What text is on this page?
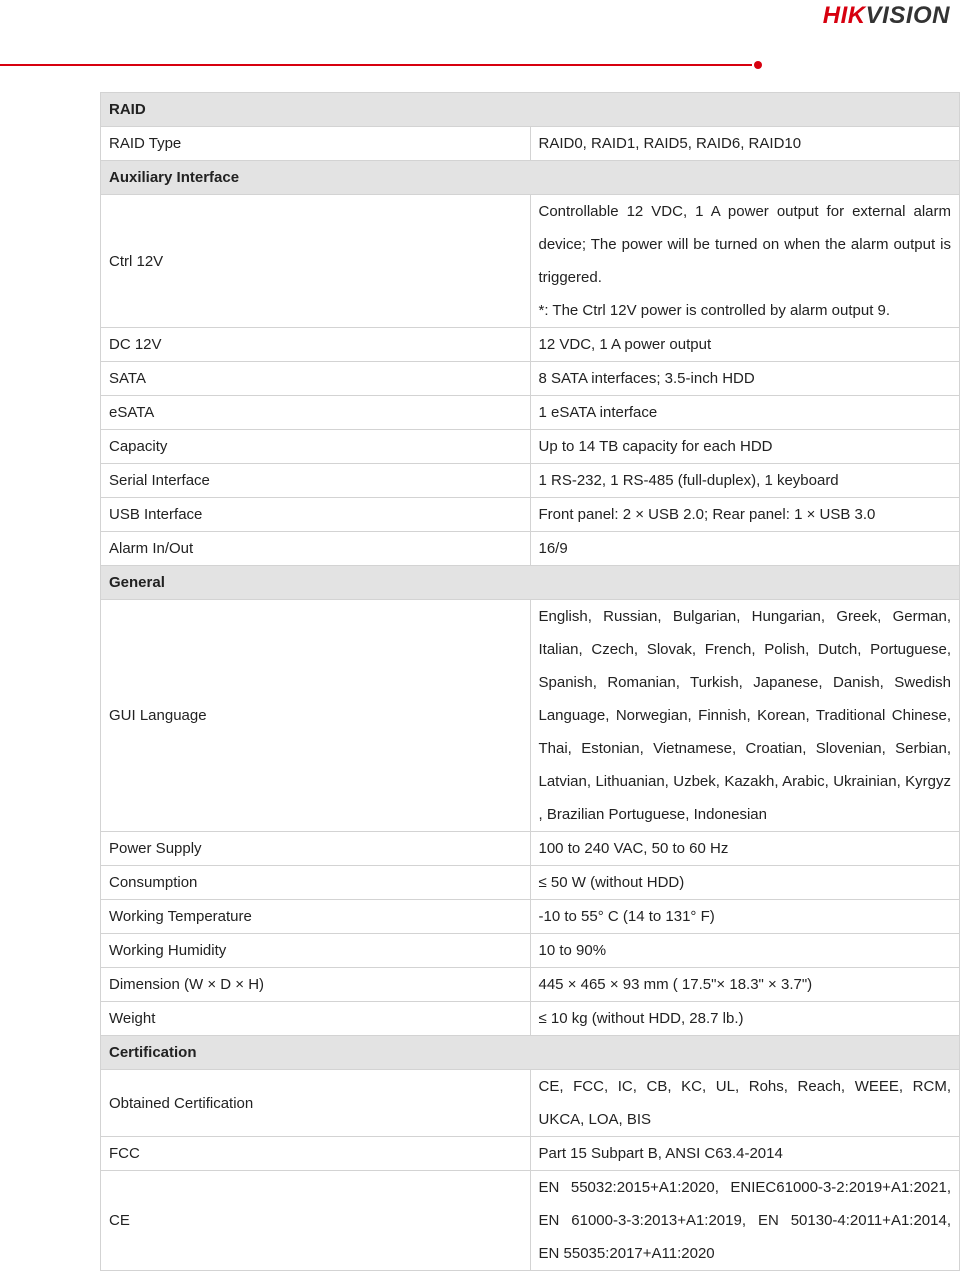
HIKVISION
RAID	
RAID Type	RAID0, RAID1, RAID5, RAID6, RAID10

Auxiliary Interface	
Ctrl 12V	Controllable 12 VDC, 1 A power output for external alarm device; The power will be turned on when the alarm output is triggered.
*: The Ctrl 12V power is controlled by alarm output 9.

DC 12V	12 VDC, 1 A power output

SATA	8 SATA interfaces; 3.5-inch HDD

eSATA	1 eSATA interface

Capacity	Up to 14 TB capacity for each HDD

Serial Interface	1 RS-232, 1 RS-485 (full-duplex), 1 keyboard

USB Interface	Front panel: 2 × USB 2.0; Rear panel: 1 × USB 3.0

Alarm In/Out	16/9

General	
GUI Language	English, Russian, Bulgarian, Hungarian, Greek, German, Italian, Czech, Slovak, French, Polish, Dutch, Portuguese, Spanish, Romanian, Turkish, Japanese, Danish, Swedish Language, Norwegian, Finnish, Korean, Traditional Chinese, Thai, Estonian, Vietnamese, Croatian, Slovenian, Serbian, Latvian, Lithuanian, Uzbek, Kazakh, Arabic, Ukrainian, Kyrgyz , Brazilian Portuguese, Indonesian

Power Supply	100 to 240 VAC, 50 to 60 Hz

Consumption	≤ 50 W (without HDD)

Working Temperature	-10 to 55° C (14 to 131° F)

Working Humidity	10 to 90%

Dimension (W × D × H)	445 × 465 × 93 mm ( 17.5"× 18.3" × 3.7")

Weight	≤ 10 kg (without HDD, 28.7 lb.)

Certification	
Obtained Certification	CE, FCC, IC, CB, KC, UL, Rohs, Reach, WEEE, RCM, UKCA, LOA, BIS

FCC	Part 15 Subpart B, ANSI C63.4-2014

CE	EN 55032:2015+A1:2020, ENIEC61000-3-2:2019+A1:2021, EN 61000-3-3:2013+A1:2019, EN 50130-4:2011+A1:2014, EN 55035:2017+A11:2020
